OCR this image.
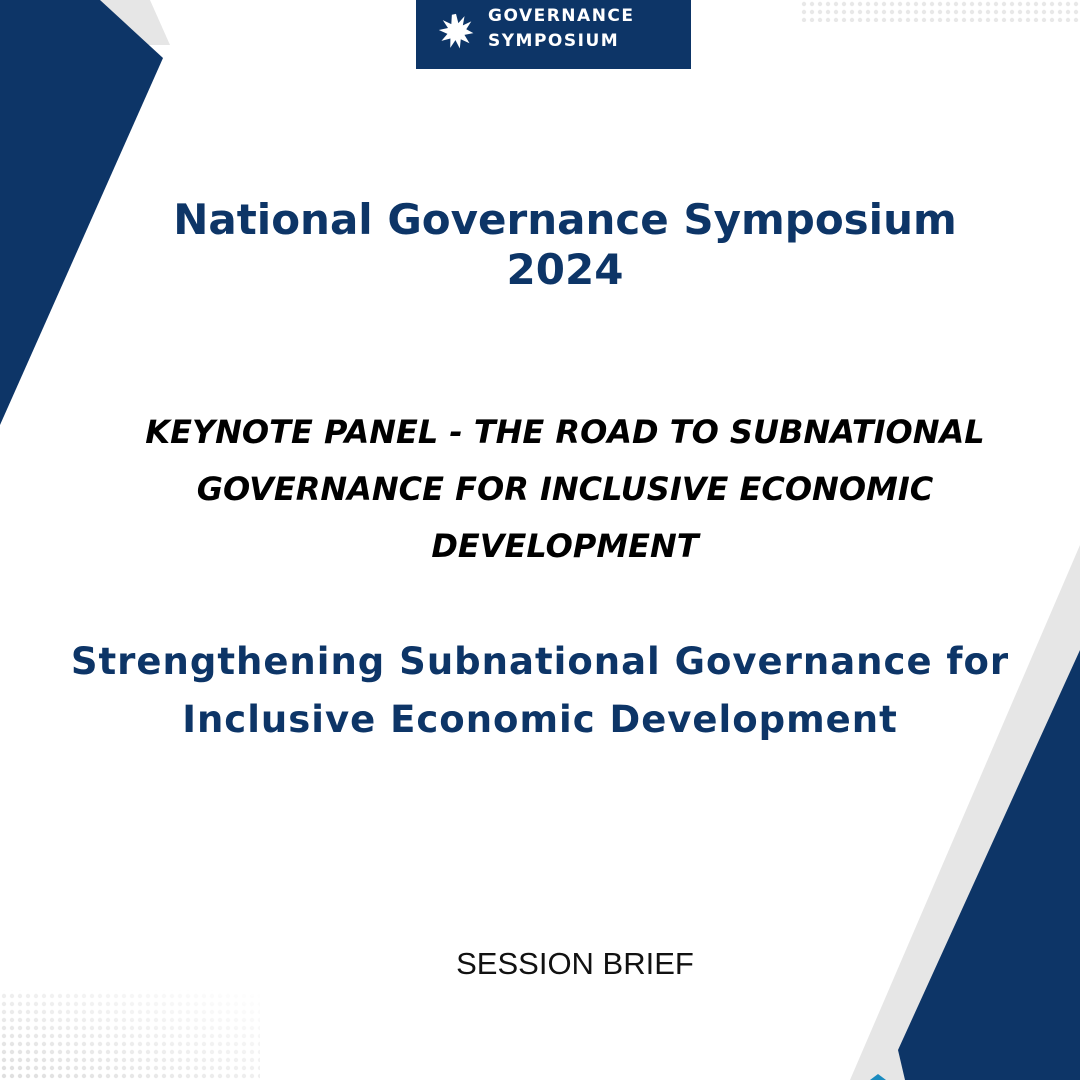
GOVERNANCE
SYMPOSIUM
National Governance Symposium 2024
KEYNOTE PANEL - THE ROAD TO SUBNATIONAL GOVERNANCE FOR INCLUSIVE ECONOMIC DEVELOPMENT
Strengthening Subnational Governance for Inclusive Economic Development

SESSION BRIEF
